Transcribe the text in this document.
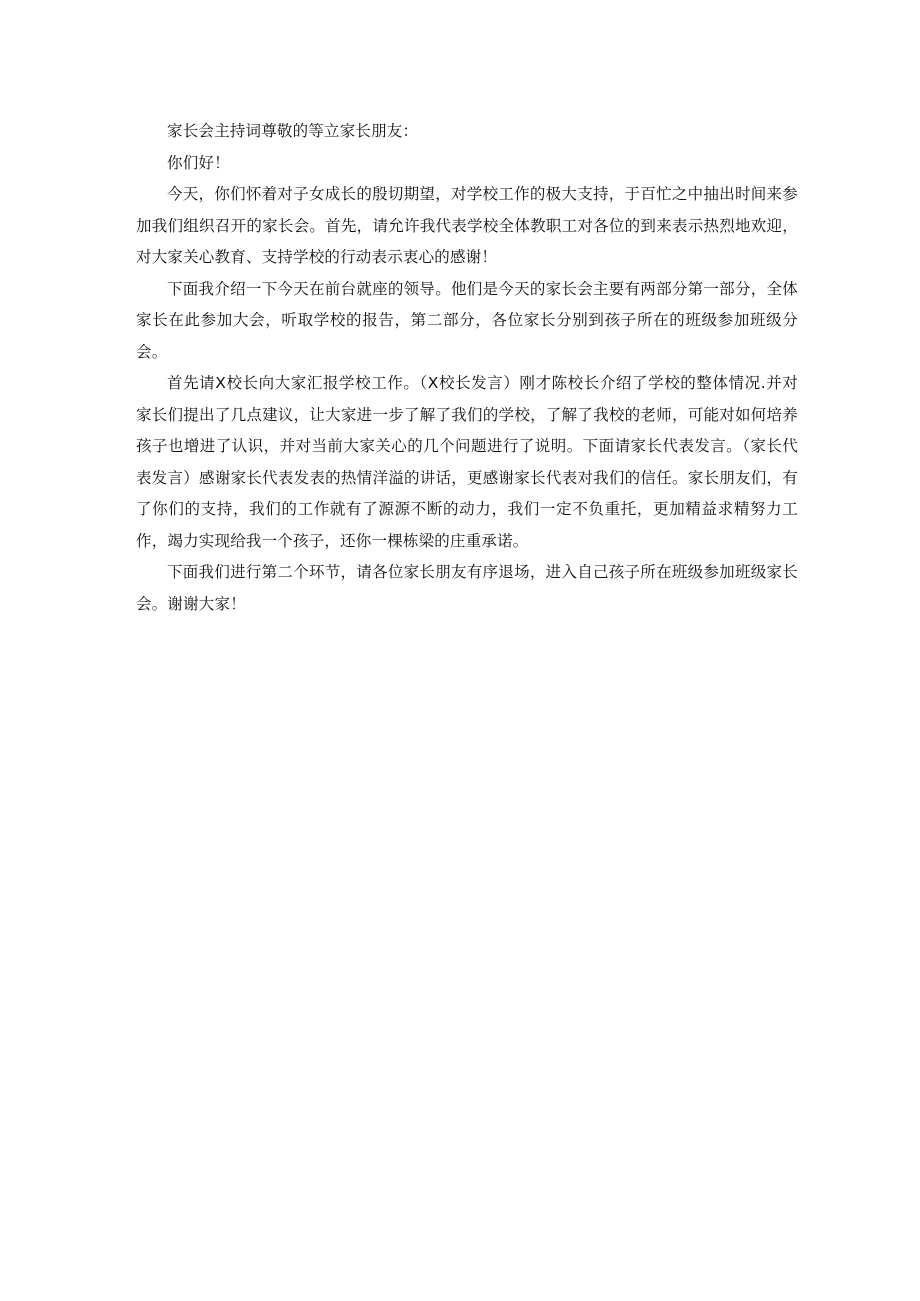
家长会主持词尊敬的等立家长朋友：

你们好！

今天，你们怀着对子女成长的殷切期望，对学校工作的极大支持，于百忙之中抽出时间来参加我们组织召开的家长会。首先，请允许我代表学校全体教职工对各位的到来表示热烈地欢迎，对大家关心教育、支持学校的行动表示衷心的感谢！

下面我介绍一下今天在前台就座的领导。他们是今天的家长会主要有两部分第一部分，全体家长在此参加大会，听取学校的报告，第二部分，各位家长分别到孩子所在的班级参加班级分会。

首先请X校长向大家汇报学校工作。（X校长发言）刚才陈校长介绍了学校的整体情况.并对家长们提出了几点建议，让大家进一步了解了我们的学校，了解了我校的老师，可能对如何培养孩子也增进了认识，并对当前大家关心的几个问题进行了说明。下面请家长代表发言。（家长代表发言）感谢家长代表发表的热情洋溢的讲话，更感谢家长代表对我们的信任。家长朋友们，有了你们的支持，我们的工作就有了源源不断的动力，我们一定不负重托，更加精益求精努力工作，竭力实现给我一个孩子，还你一棵栋梁的庄重承诺。

下面我们进行第二个环节，请各位家长朋友有序退场，进入自己孩子所在班级参加班级家长会。谢谢大家！
